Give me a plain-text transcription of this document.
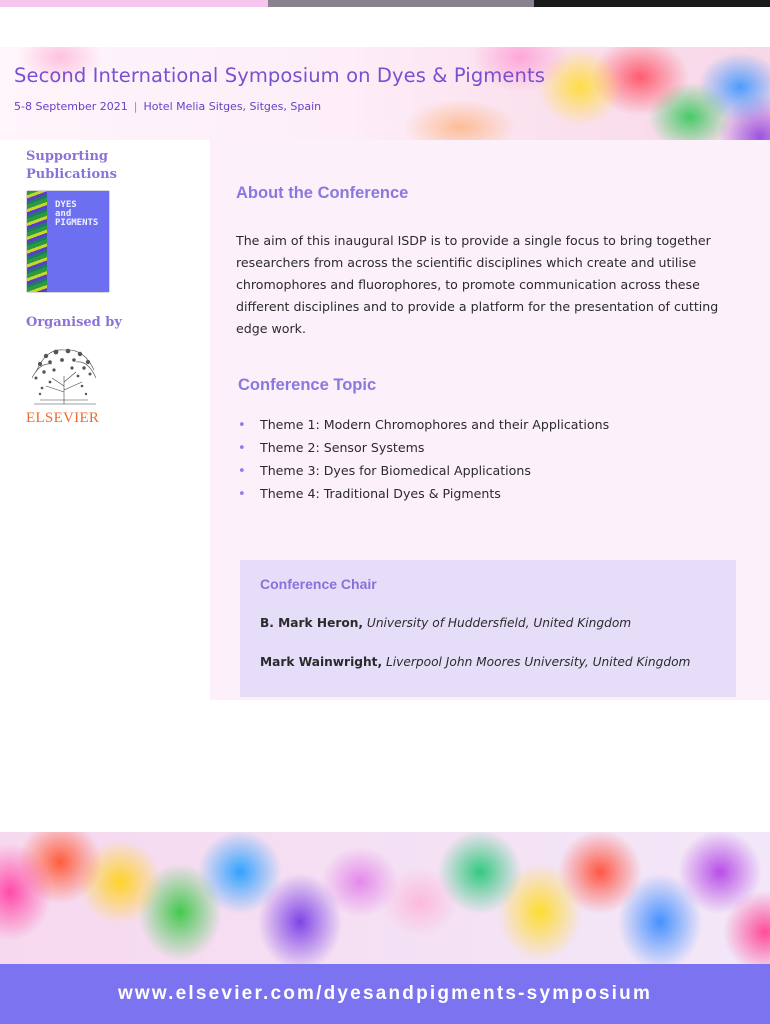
Second International Symposium on Dyes & Pigments
5-8 September 2021 | Hotel Melia Sitges, Sitges, Spain
Supporting
Publications
DYES
and
PIGMENTS
Organised by
ELSEVIER
About the Conference

The aim of this inaugural ISDP is to provide a single focus to bring together researchers from across the scientific disciplines which create and utilise chromophores and fluorophores, to promote communication across these different disciplines and to provide a platform for the presentation of cutting edge work.

Conference Topic
• Theme 1: Modern Chromophores and their Applications
• Theme 2: Sensor Systems
• Theme 3: Dyes for Biomedical Applications
• Theme 4: Traditional Dyes & Pigments
Conference Chair
B. Mark Heron, University of Huddersfield, United Kingdom
Mark Wainwright, Liverpool John Moores University, United Kingdom
www.elsevier.com/dyesandpigments-symposium
